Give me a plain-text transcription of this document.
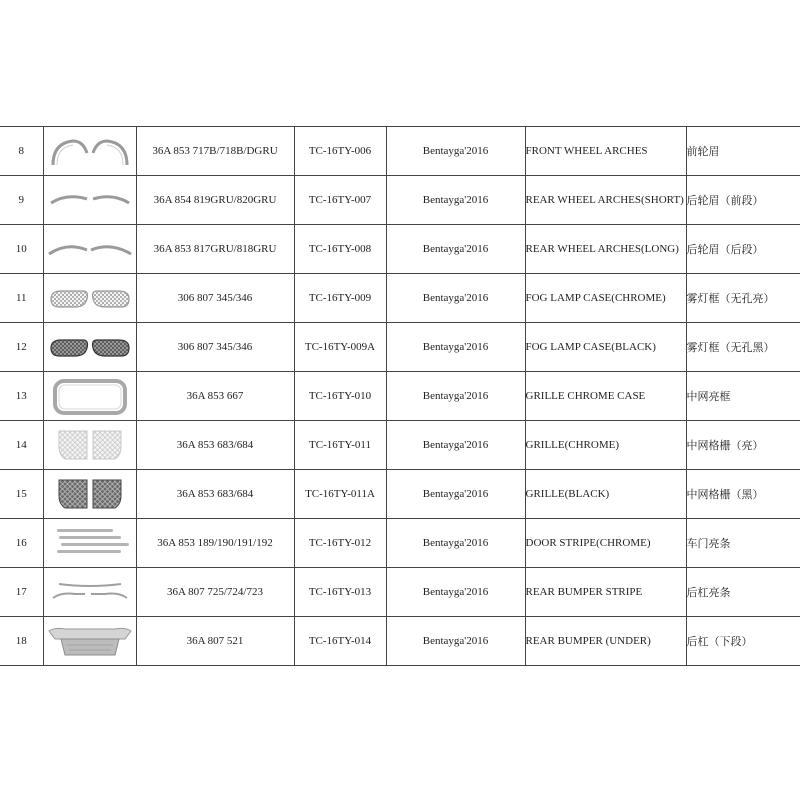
8		36A 853 717B/718B/DGRU	TC-16TY-006	Bentayga'2016	FRONT WHEEL ARCHES	前轮眉
9		36A 854 819GRU/820GRU	TC-16TY-007	Bentayga'2016	REAR WHEEL ARCHES(SHORT)	后轮眉（前段）
10		36A 853 817GRU/818GRU	TC-16TY-008	Bentayga'2016	REAR WHEEL ARCHES(LONG)	后轮眉（后段）
11		306 807 345/346	TC-16TY-009	Bentayga'2016	FOG LAMP CASE(CHROME)	雾灯框（无孔亮）
12		306 807 345/346	TC-16TY-009A	Bentayga'2016	FOG LAMP CASE(BLACK)	雾灯框（无孔黑）
13		36A 853 667	TC-16TY-010	Bentayga'2016	GRILLE CHROME CASE	中网亮框
14		36A 853 683/684	TC-16TY-011	Bentayga'2016	GRILLE(CHROME)	中网格栅（亮）
15		36A 853 683/684	TC-16TY-011A	Bentayga'2016	GRILLE(BLACK)	中网格栅（黑）
16		36A 853 189/190/191/192	TC-16TY-012	Bentayga'2016	DOOR STRIPE(CHROME)	车门亮条
17		36A 807 725/724/723	TC-16TY-013	Bentayga'2016	REAR BUMPER STRIPE	后杠亮条
18		36A 807 521	TC-16TY-014	Bentayga'2016	REAR BUMPER (UNDER)	后杠（下段）
